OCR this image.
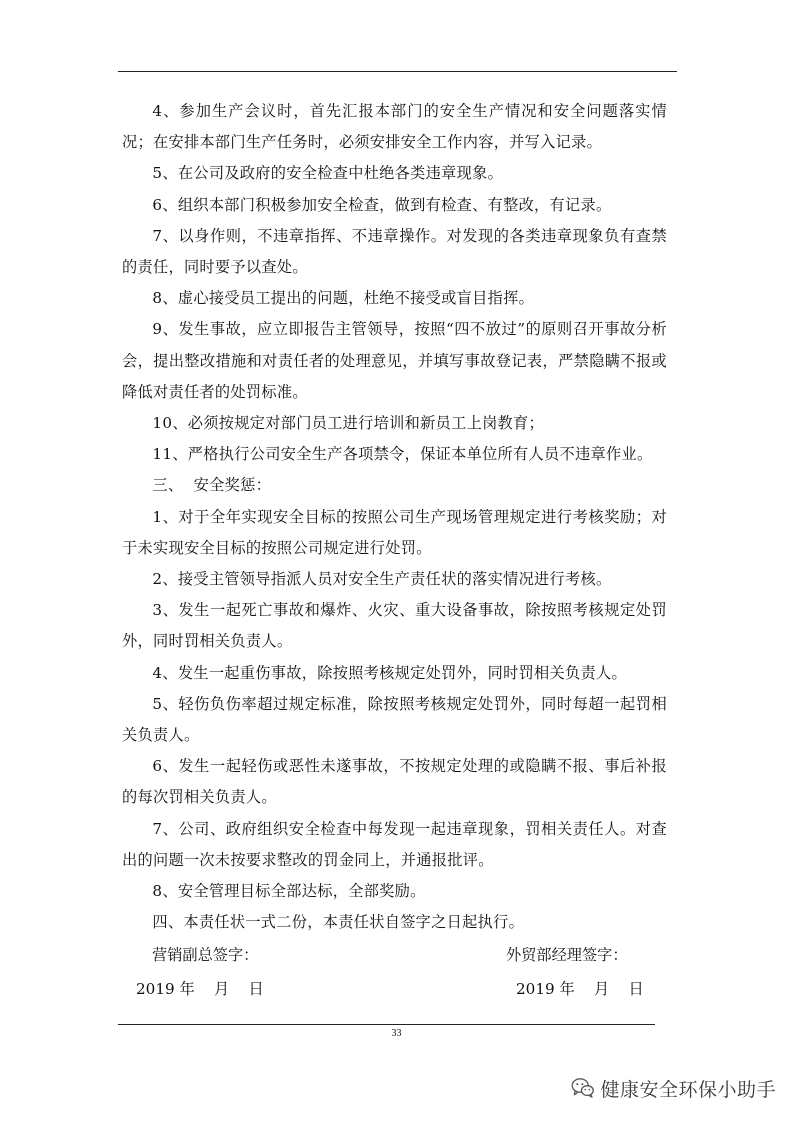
4、参加生产会议时，首先汇报本部门的安全生产情况和安全问题落实情况；在安排本部门生产任务时，必须安排安全工作内容，并写入记录。

5、在公司及政府的安全检查中杜绝各类违章现象。

6、组织本部门积极参加安全检查，做到有检查、有整改，有记录。

7、以身作则，不违章指挥、不违章操作。对发现的各类违章现象负有查禁的责任，同时要予以查处。

8、虚心接受员工提出的问题，杜绝不接受或盲目指挥。

9、发生事故，应立即报告主管领导，按照“四不放过”的原则召开事故分析会，提出整改措施和对责任者的处理意见，并填写事故登记表，严禁隐瞒不报或降低对责任者的处罚标准。

10、必须按规定对部门员工进行培训和新员工上岗教育；

11、严格执行公司安全生产各项禁令，保证本单位所有人员不违章作业。

三、  安全奖惩：

1、对于全年实现安全目标的按照公司生产现场管理规定进行考核奖励；对于未实现安全目标的按照公司规定进行处罚。

2、接受主管领导指派人员对安全生产责任状的落实情况进行考核。

3、发生一起死亡事故和爆炸、火灾、重大设备事故，除按照考核规定处罚外，同时罚相关负责人。

4、发生一起重伤事故，除按照考核规定处罚外，同时罚相关负责人。

5、轻伤负伤率超过规定标准，除按照考核规定处罚外，同时每超一起罚相关负责人。

6、发生一起轻伤或恶性未遂事故，不按规定处理的或隐瞒不报、事后补报的每次罚相关负责人。

7、公司、政府组织安全检查中每发现一起违章现象，罚相关责任人。对查出的问题一次未按要求整改的罚金同上，并通报批评。

8、安全管理目标全部达标，全部奖励。

四、本责任状一式二份，本责任状自签字之日起执行。

营销副总签字：	外贸部经理签字：
2019 年    月    日	2019 年    月    日
33
健康安全环保小助手
